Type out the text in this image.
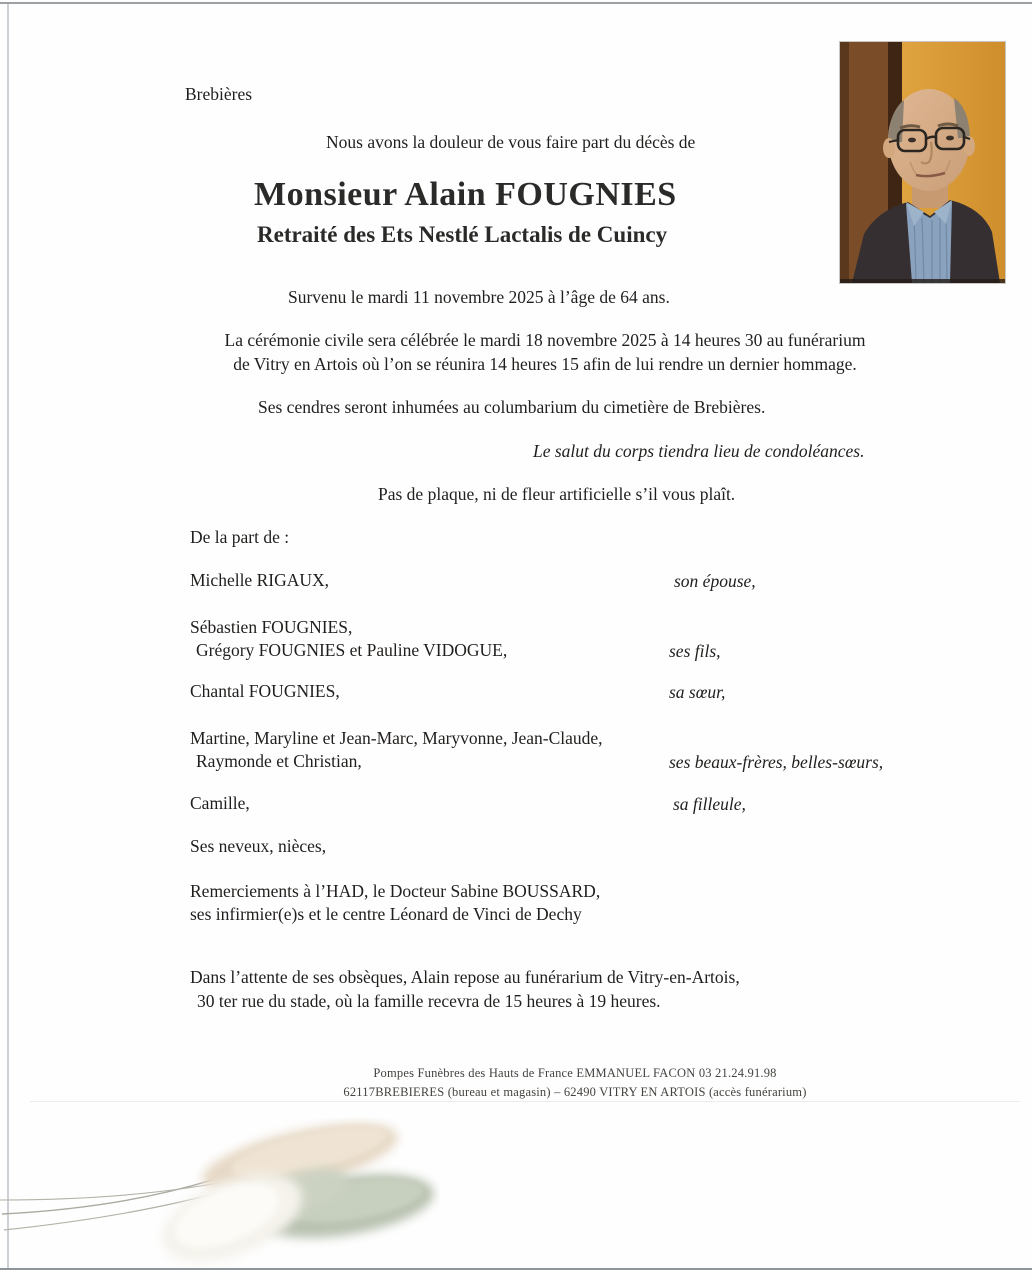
Brebières
Nous avons la douleur de vous faire part du décès de
Monsieur Alain FOUGNIES
Retraité des Ets Nestlé Lactalis de Cuincy
Survenu le mardi 11 novembre 2025 à l’âge de 64 ans.
La cérémonie civile sera célébrée le mardi 18 novembre 2025 à 14 heures 30 au funérarium
de Vitry en Artois où l’on se réunira 14 heures 15 afin de lui rendre un dernier hommage.
Ses cendres seront inhumées au columbarium du cimetière de Brebières.
Le salut du corps tiendra lieu de condoléances.
Pas de plaque, ni de fleur artificielle s’il vous plaît.
De la part de :
Michelle RIGAUX,	son épouse,
Sébastien FOUGNIES,
Grégory FOUGNIES et Pauline VIDOGUE,	ses fils,
Chantal FOUGNIES,	sa sœur,
Martine, Maryline et Jean-Marc, Maryvonne, Jean-Claude,
Raymonde et Christian,	ses beaux-frères, belles-sœurs,
Camille,	sa filleule,
Ses neveux, nièces,
Remerciements à l’HAD, le Docteur Sabine BOUSSARD,
ses infirmier(e)s et le centre Léonard de Vinci de Dechy
Dans l’attente de ses obsèques, Alain repose au funérarium de Vitry-en-Artois,
30 ter rue du stade, où la famille recevra de 15 heures à 19 heures.
Pompes Funèbres des Hauts de France EMMANUEL FACON 03 21.24.91.98
62117BREBIERES (bureau et magasin) – 62490 VITRY EN ARTOIS (accès funérarium)
